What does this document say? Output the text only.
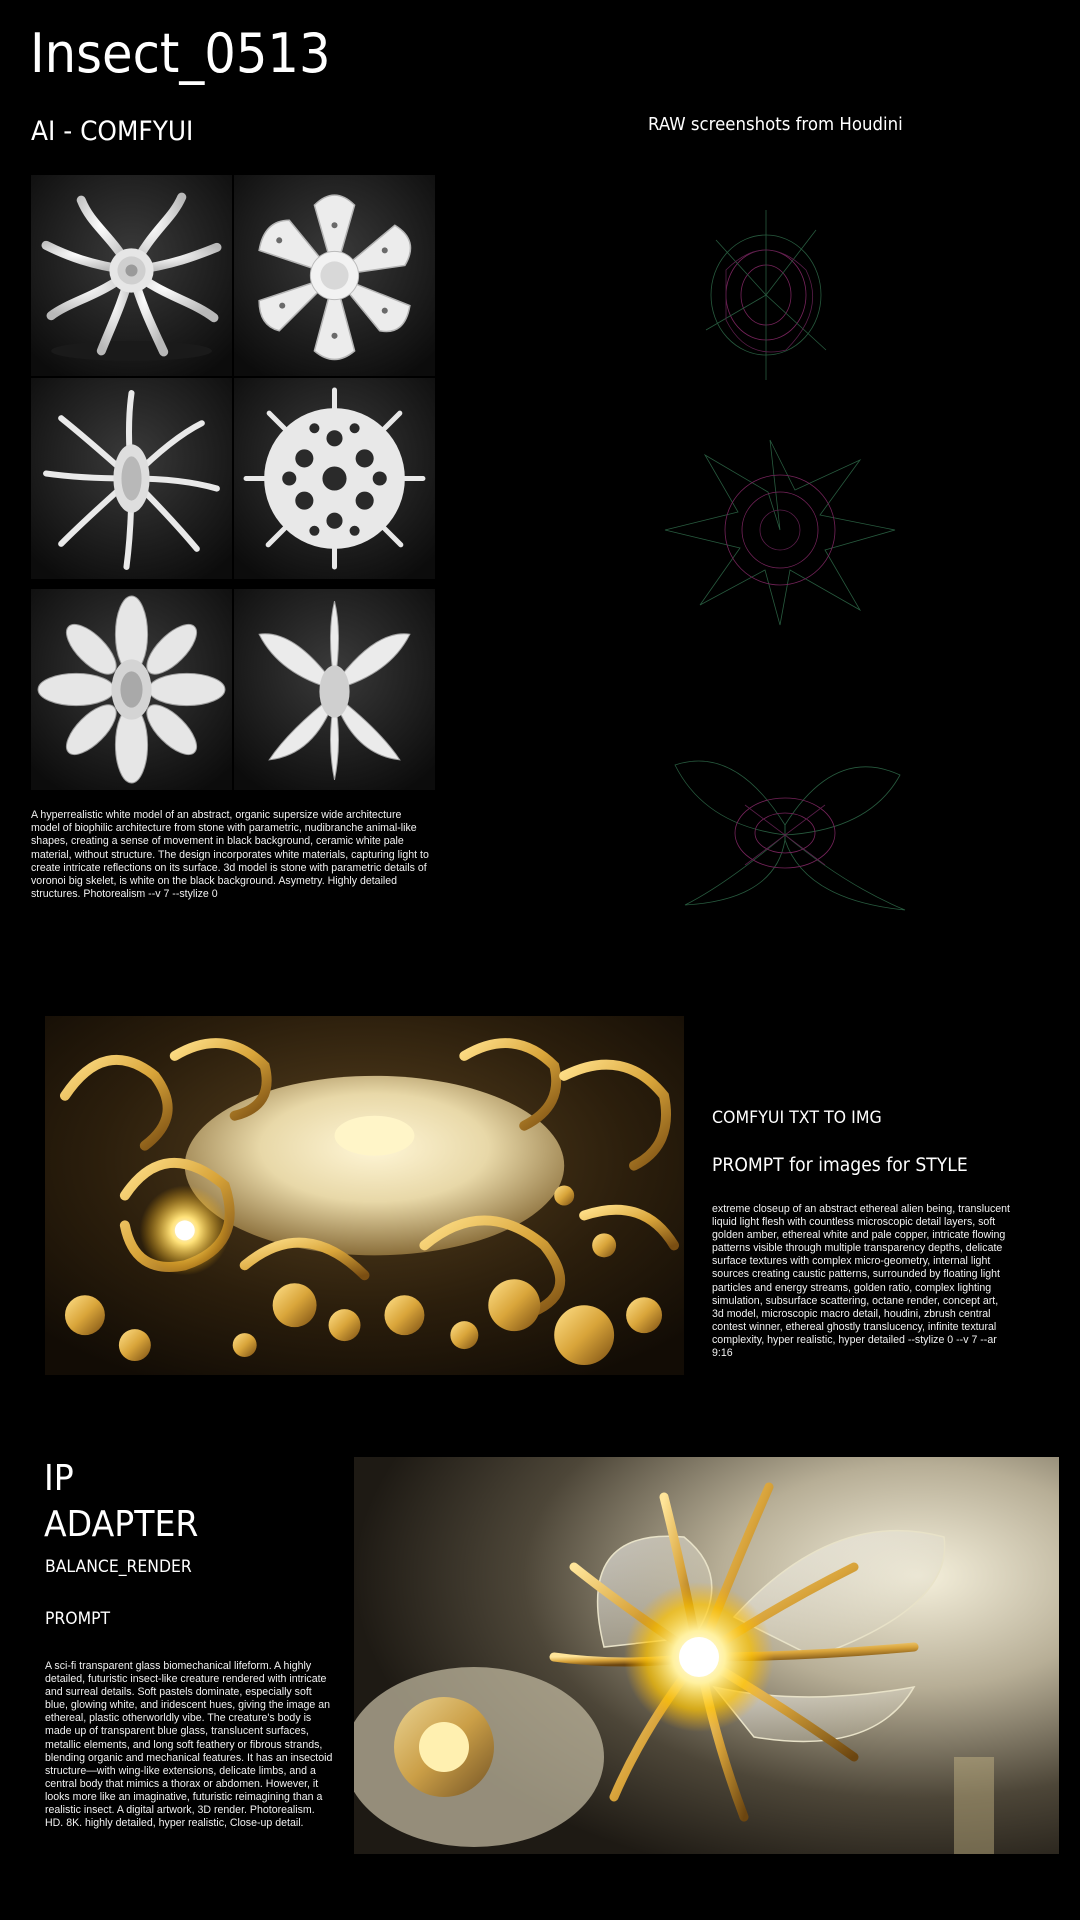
Insect_0513
AI - COMFYUI	RAW screenshots from Houdini
A hyperrealistic white model of an abstract, organic supersize wide architecture model of biophilic architecture from stone with parametric, nudibranche animal-like shapes, creating a sense of movement in black background, ceramic white pale material, without structure. The design incorporates white materials, capturing light to create intricate reflections on its surface. 3d model is stone with parametric details of voronoi big skelet, is white on the black background. Asymetry. Highly detailed structures. Photorealism --v 7 --stylize 0
COMFYUI TXT TO IMG
PROMPT for images for STYLE
extreme closeup of an abstract ethereal alien being, translucent liquid light flesh with countless microscopic detail layers, soft golden amber, ethereal white and pale copper, intricate flowing patterns visible through multiple transparency depths, delicate surface textures with complex micro-geometry, internal light sources creating caustic patterns, surrounded by floating light particles and energy streams, golden ratio, complex lighting simulation, subsurface scattering, octane render, concept art, 3d model, microscopic macro detail, houdini, zbrush central contest winner, ethereal ghostly translucency, infinite textural complexity, hyper realistic, hyper detailed --stylize 0 --v 7 --ar 9:16
IP
ADAPTER
BALANCE_RENDER
PROMPT
A sci-fi transparent glass biomechanical lifeform. A highly detailed, futuristic insect-like creature rendered with intricate and surreal details. Soft pastels dominate, especially soft blue, glowing white, and iridescent hues, giving the image an ethereal, plastic otherworldly vibe. The creature's body is made up of transparent blue glass, translucent surfaces, metallic elements, and long soft feathery or fibrous strands, blending organic and mechanical features. It has an insectoid structure—with wing-like extensions, delicate limbs, and a central body that mimics a thorax or abdomen. However, it looks more like an imaginative, futuristic reimagining than a realistic insect. A digital artwork, 3D render. Photorealism. HD. 8K. highly detailed, hyper realistic, Close-up detail.
